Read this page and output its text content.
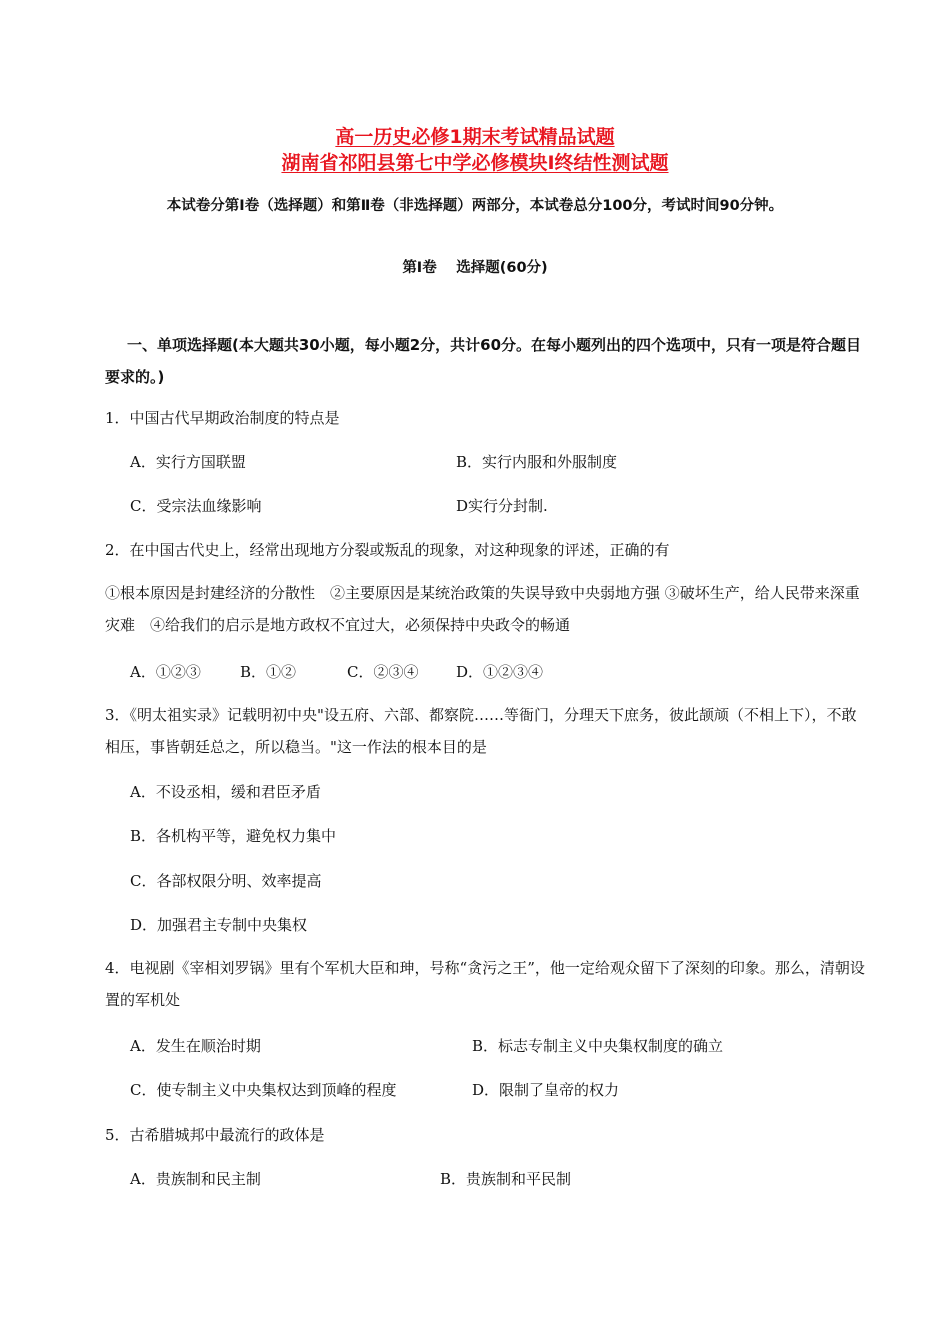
高一历史必修1期末考试精品试题
湖南省祁阳县第七中学必修模块Ⅰ终结性测试题
本试卷分第Ⅰ卷（选择题）和第Ⅱ卷（非选择题）两部分，本试卷总分100分，考试时间90分钟。
第Ⅰ卷　 选择题(60分)
一、单项选择题(本大题共30小题，每小题2分，共计60分。在每小题列出的四个选项中，只有一项是符合题目要求的。)
1．中国古代早期政治制度的特点是
A．实行方国联盟	B．实行内服和外服制度
C．受宗法血缘影响	D实行分封制.
2．在中国古代史上，经常出现地方分裂或叛乱的现象，对这种现象的评述，正确的有
①根本原因是封建经济的分散性　②主要原因是某统治政策的失误导致中央弱地方强 ③破坏生产，给人民带来深重灾难　④给我们的启示是地方政权不宜过大，必须保持中央政令的畅通
A．①②③	B．①②	C．②③④	D．①②③④
3．《明太祖实录》记载明初中央"设五府、六部、都察院……等衙门，分理天下庶务，彼此颉颃（不相上下），不敢相压，事皆朝廷总之，所以稳当。"这一作法的根本目的是
A．不设丞相，缓和君臣矛盾
B．各机构平等，避免权力集中
C．各部权限分明、效率提高
D．加强君主专制中央集权
4．电视剧《宰相刘罗锅》里有个军机大臣和珅，号称“贪污之王”，他一定给观众留下了深刻的印象。那么，清朝设置的军机处
A．发生在顺治时期	B．标志专制主义中央集权制度的确立
C．使专制主义中央集权达到顶峰的程度	D．限制了皇帝的权力
5．古希腊城邦中最流行的政体是
A．贵族制和民主制	B．贵族制和平民制
